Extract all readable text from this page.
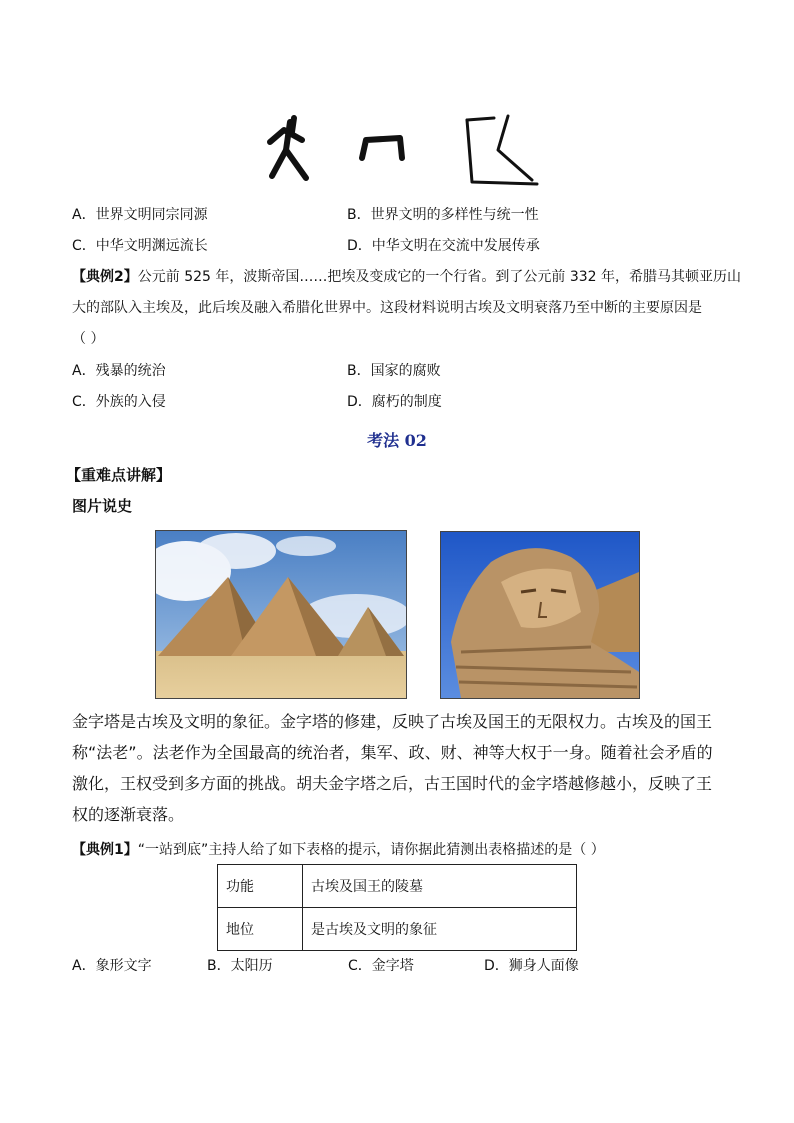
A．世界文明同宗同源	B．世界文明的多样性与统一性
C．中华文明渊远流长	D．中华文明在交流中发展传承
【典例2】公元前 525 年，波斯帝国……把埃及变成它的一个行省。到了公元前 332 年，希腊马其顿亚历山
大的部队入主埃及，此后埃及融入希腊化世界中。这段材料说明古埃及文明衰落乃至中断的主要原因是
（ ）
A．残暴的统治	B．国家的腐败
C．外族的入侵	D．腐朽的制度
考法 02
【重难点讲解】
图片说史
金字塔是古埃及文明的象征。金字塔的修建，反映了古埃及国王的无限权力。古埃及的国王称“法老”。法老作为全国最高的统治者，集军、政、财、神等大权于一身。随着社会矛盾的激化，王权受到多方面的挑战。胡夫金字塔之后，古王国时代的金字塔越修越小，反映了王权的逐渐衰落。
【典例1】“一站到底”主持人给了如下表格的提示，请你据此猜测出表格描述的是（ ）
功能	古埃及国王的陵墓
地位	是古埃及文明的象征
A．象形文字	B．太阳历	C．金字塔	D．狮身人面像
